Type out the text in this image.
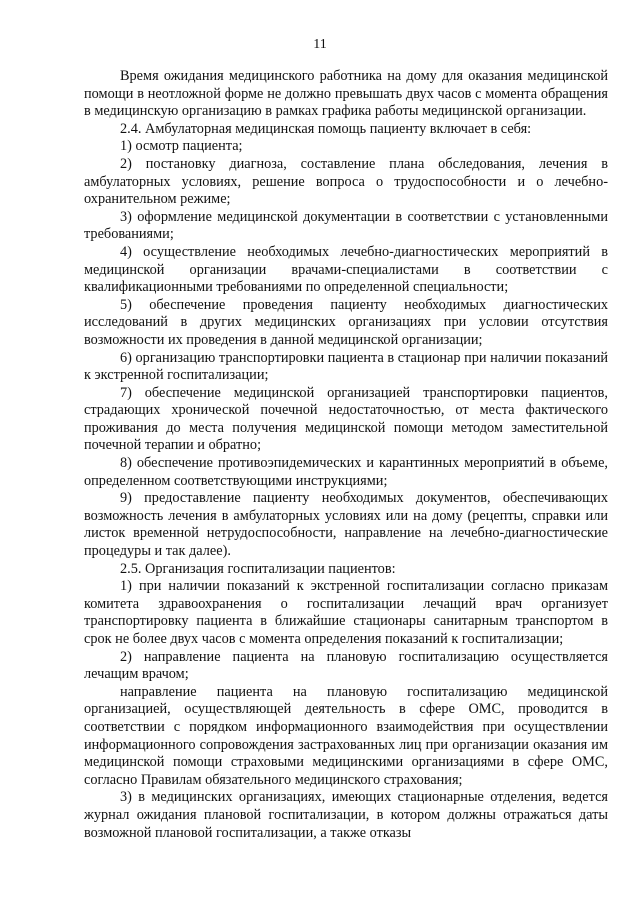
11

Время ожидания медицинского работника на дому для оказания медицинской помощи в неотложной форме не должно превышать двух часов с момента обращения в медицинскую организацию в рамках графика работы медицинской организации.

2.4. Амбулаторная медицинская помощь пациенту включает в себя:

1) осмотр пациента;

2) постановку диагноза, составление плана обследования, лечения в амбулаторных условиях, решение вопроса о трудоспособности и о лечебно-охранительном режиме;

3) оформление медицинской документации в соответствии с установленными требованиями;

4) осуществление необходимых лечебно-диагностических мероприятий в медицинской организации врачами-специалистами в соответствии с квалификационными требованиями по определенной специальности;

5) обеспечение проведения пациенту необходимых диагностических исследований в других медицинских организациях при условии отсутствия возможности их проведения в данной медицинской организации;

6) организацию транспортировки пациента в стационар при наличии показаний к экстренной госпитализации;

7) обеспечение медицинской организацией транспортировки пациентов, страдающих хронической почечной недостаточностью, от места фактического проживания до места получения медицинской помощи методом заместительной почечной терапии и обратно;

8) обеспечение противоэпидемических и карантинных мероприятий в объеме, определенном соответствующими инструкциями;

9) предоставление пациенту необходимых документов, обеспечивающих возможность лечения в амбулаторных условиях или на дому (рецепты, справки или листок временной нетрудоспособности, направление на лечебно-диагностические процедуры и так далее).

2.5. Организация госпитализации пациентов:

1) при наличии показаний к экстренной госпитализации согласно приказам комитета здравоохранения о госпитализации лечащий врач организует транспортировку пациента в ближайшие стационары санитарным транспортом в срок не более двух часов с момента определения показаний к госпитализации;

2) направление пациента на плановую госпитализацию осуществляется лечащим врачом;

направление пациента на плановую госпитализацию медицинской организацией, осуществляющей деятельность в сфере ОМС, проводится в соответствии с порядком информационного взаимодействия при осуществлении информационного сопровождения застрахованных лиц при организации оказания им медицинской помощи страховыми медицинскими организациями в сфере ОМС, согласно Правилам обязательного медицинского страхования;

3) в медицинских организациях, имеющих стационарные отделения, ведется журнал ожидания плановой госпитализации, в котором должны отражаться даты возможной плановой госпитализации, а также отказы
